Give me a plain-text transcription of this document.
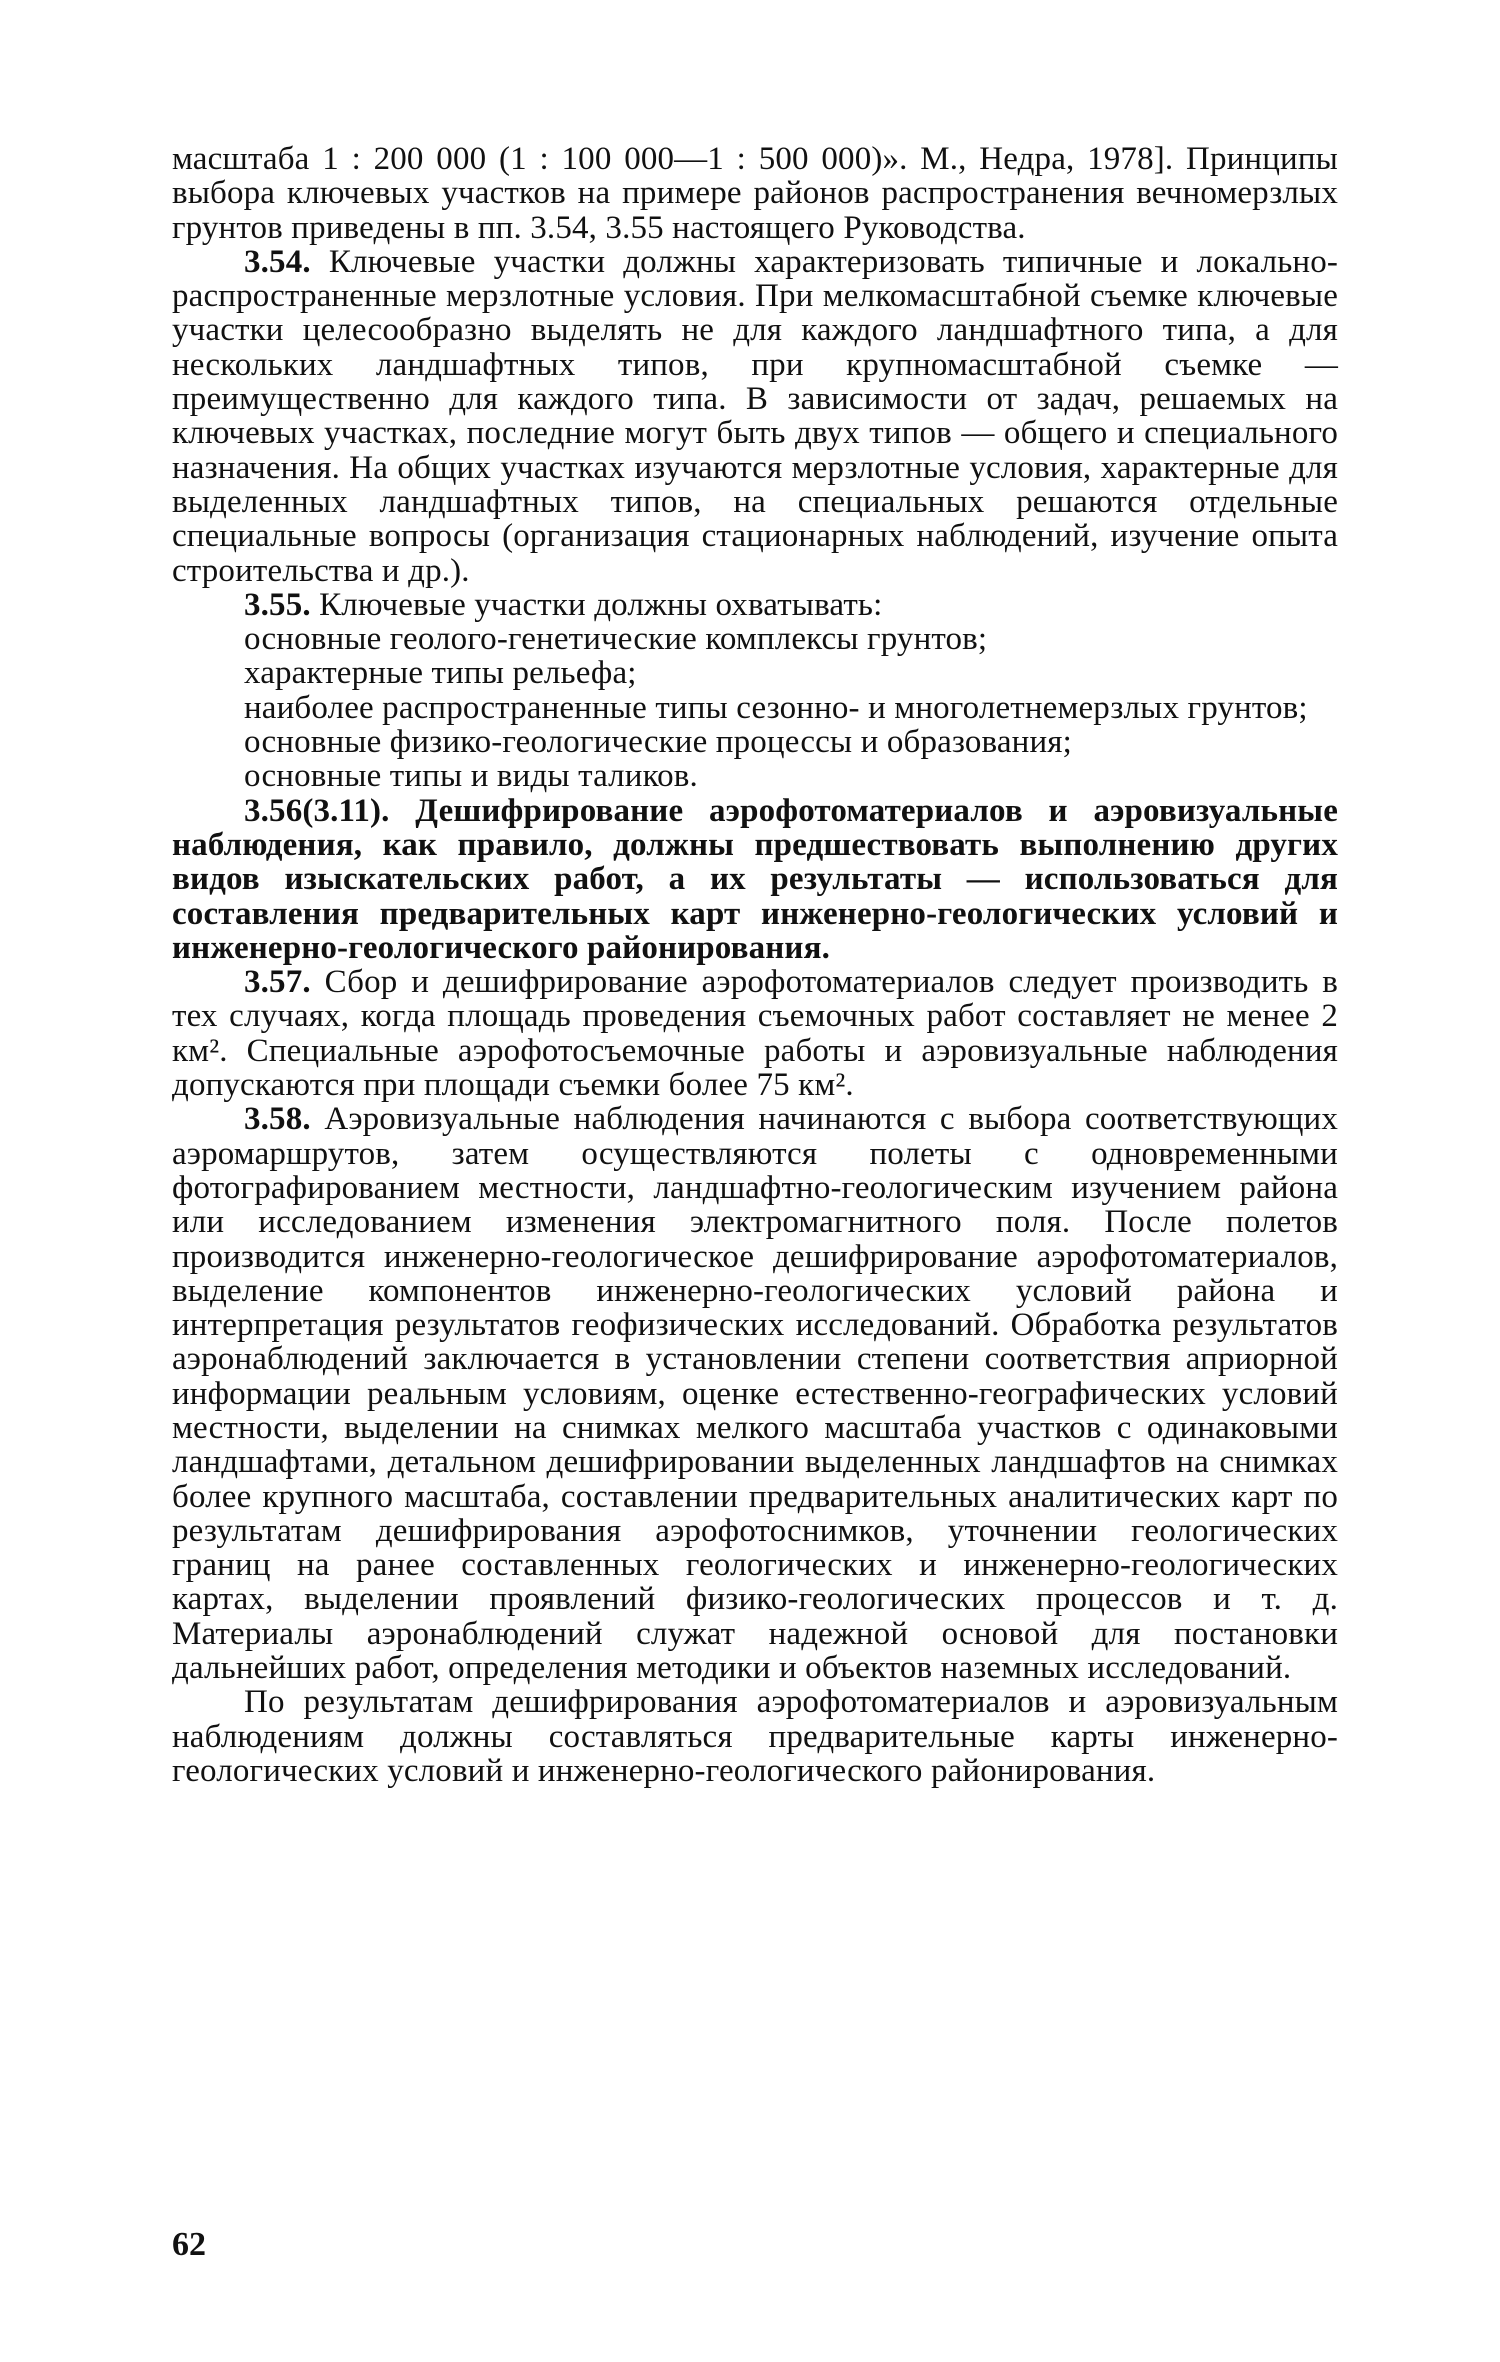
масштаба 1 : 200 000 (1 : 100 000—1 : 500 000)». М., Недра, 1978]. Принципы выбора ключевых участков на примере районов распространения вечномерзлых грунтов приведены в пп. 3.54, 3.55 настоящего Руководства.

3.54. Ключевые участки должны характеризовать типичные и локально-распространенные мерзлотные условия. При мелкомасштабной съемке ключевые участки целесообразно выделять не для каждого ландшафтного типа, а для нескольких ландшафтных типов, при крупномасштабной съемке — преимущественно для каждого типа. В зависимости от задач, решаемых на ключевых участках, последние могут быть двух типов — общего и специального назначения. На общих участках изучаются мерзлотные условия, характерные для выделенных ландшафтных типов, на специальных решаются отдельные специальные вопросы (организация стационарных наблюдений, изучение опыта строительства и др.).

3.55. Ключевые участки должны охватывать:

основные геолого-генетические комплексы грунтов;

характерные типы рельефа;

наиболее распространенные типы сезонно- и многолетнемерзлых грунтов;

основные физико-геологические процессы и образования;

основные типы и виды таликов.

3.56(3.11). Дешифрирование аэрофотоматериалов и аэровизуальные наблюдения, как правило, должны предшествовать выполнению других видов изыскательских работ, а их результаты — использоваться для составления предварительных карт инженерно-геологических условий и инженерно-геологического районирования.

3.57. Сбор и дешифрирование аэрофотоматериалов следует производить в тех случаях, когда площадь проведения съемочных работ составляет не менее 2 км². Специальные аэрофотосъемочные работы и аэровизуальные наблюдения допускаются при площади съемки более 75 км².

3.58. Аэровизуальные наблюдения начинаются с выбора соответствующих аэромаршрутов, затем осуществляются полеты с одновременными фотографированием местности, ландшафтно-геологическим изучением района или исследованием изменения электромагнитного поля. После полетов производится инженерно-геологическое дешифрирование аэрофотоматериалов, выделение компонентов инженерно-геологических условий района и интерпретация результатов геофизических исследований. Обработка результатов аэронаблюдений заключается в установлении степени соответствия априорной информации реальным условиям, оценке естественно-географических условий местности, выделении на снимках мелкого масштаба участков с одинаковыми ландшафтами, детальном дешифрировании выделенных ландшафтов на снимках более крупного масштаба, составлении предварительных аналитических карт по результатам дешифрирования аэрофотоснимков, уточнении геологических границ на ранее составленных геологических и инженерно-геологических картах, выделении проявлений физико-геологических процессов и т. д. Материалы аэронаблюдений служат надежной основой для постановки дальнейших работ, определения методики и объектов наземных исследований.

По результатам дешифрирования аэрофотоматериалов и аэровизуальным наблюдениям должны составляться предварительные карты инженерно-геологических условий и инженерно-геологического районирования.

62
